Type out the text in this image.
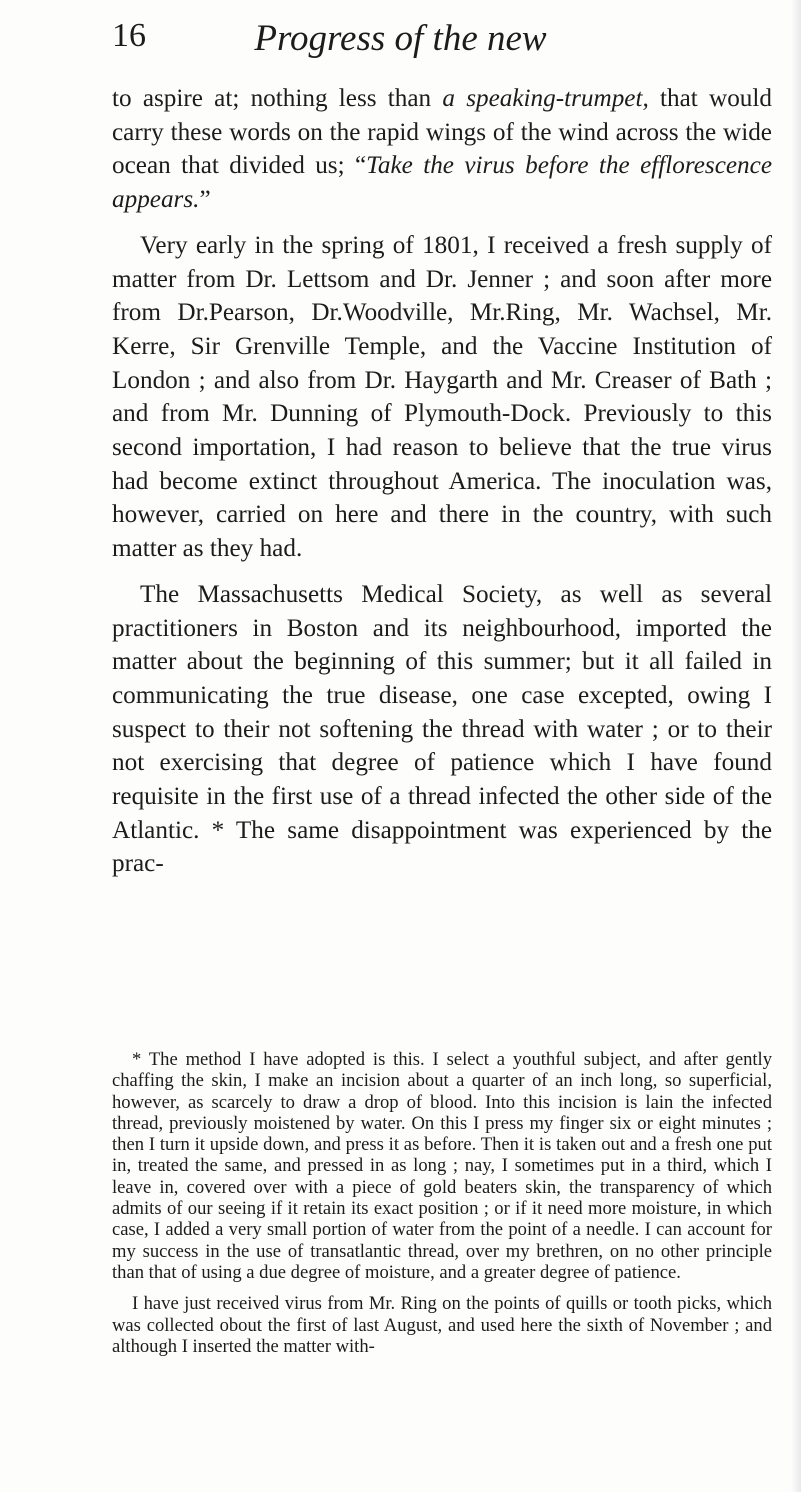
16	Progress of the new

to aspire at; nothing less than a speaking-trumpet, that would carry these words on the rapid wings of the wind across the wide ocean that divided us; “Take the virus before the efflorescence appears.”

Very early in the spring of 1801, I received a fresh supply of matter from Dr. Lettsom and Dr. Jenner ; and soon after more from Dr.Pearson, Dr.Woodville, Mr.Ring, Mr. Wachsel, Mr. Kerre, Sir Grenville Temple, and the Vaccine Institution of London ; and also from Dr. Haygarth and Mr. Creaser of Bath ; and from Mr. Dunning of Plymouth-Dock. Previously to this second importation, I had reason to believe that the true virus had become extinct throughout America. The inoculation was, however, carried on here and there in the country, with such matter as they had.

The Massachusetts Medical Society, as well as several practitioners in Boston and its neighbourhood, imported the matter about the beginning of this summer; but it all failed in communicating the true disease, one case excepted, owing I suspect to their not softening the thread with water ; or to their not exercising that degree of patience which I have found requisite in the first use of a thread infected the other side of the Atlantic. * The same disappointment was experienced by the prac-

* The method I have adopted is this. I select a youthful subject, and after gently chaffing the skin, I make an incision about a quarter of an inch long, so superficial, however, as scarcely to draw a drop of blood. Into this incision is lain the infected thread, previously moistened by water. On this I press my finger six or eight minutes ; then I turn it upside down, and press it as before. Then it is taken out and a fresh one put in, treated the same, and pressed in as long ; nay, I sometimes put in a third, which I leave in, covered over with a piece of gold beaters skin, the transparency of which admits of our seeing if it retain its exact position ; or if it need more moisture, in which case, I added a very small portion of water from the point of a needle. I can account for my success in the use of transatlantic thread, over my brethren, on no other principle than that of using a due degree of moisture, and a greater degree of patience.

I have just received virus from Mr. Ring on the points of quills or tooth picks, which was collected obout the first of last August, and used here the sixth of November ; and although I inserted the matter with-
